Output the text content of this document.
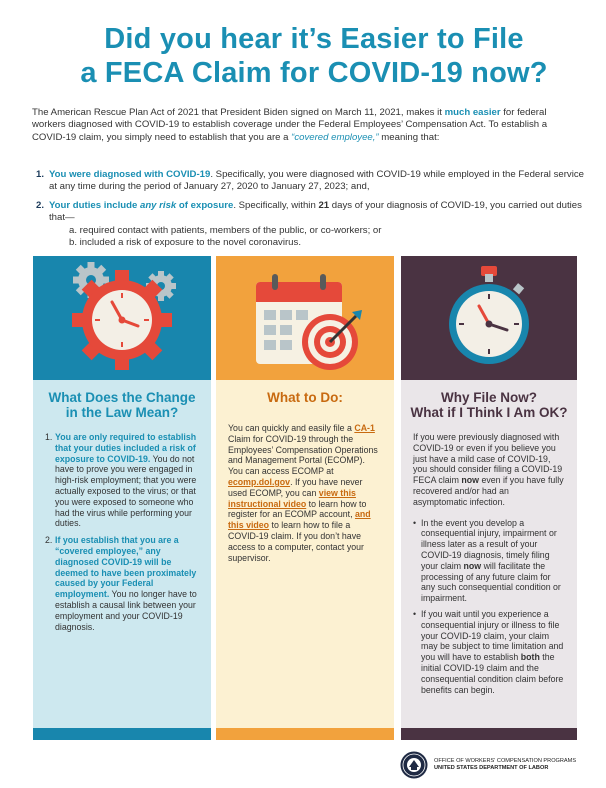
Did you hear it’s Easier to File
a FECA Claim for COVID-19 now?

The American Rescue Plan Act of 2021 that President Biden signed on March 11, 2021, makes it much easier for federal workers diagnosed with COVID-19 to establish coverage under the Federal Employees’ Compensation Act. To establish a COVID-19 claim, you simply need to establish that you are a “covered employee,” meaning that:

1. You were diagnosed with COVID-19. Specifically, you were diagnosed with COVID-19 while employed in the Federal service at any time during the period of January 27, 2020 to January 27, 2023; and,
2. Your duties include any risk of exposure. Specifically, within 21 days of your diagnosis of COVID-19, you carried out duties that—
a. required contact with patients, members of the public, or co-workers; or
b. included a risk of exposure to the novel coronavirus.
What Does the Change
in the Law Mean?
1. You are only required to establish that your duties included a risk of exposure to COVID-19. You do not have to prove you were engaged in high-risk employment; that you were actually exposed to the virus; or that you were exposed to someone who had the virus while performing your duties.
2. If you establish that you are a “covered employee,” any diagnosed COVID-19 will be deemed to have been proximately caused by your Federal employment. You no longer have to establish a causal link between your employment and your COVID-19 diagnosis.
What to Do:
You can quickly and easily file a CA-1 Claim for COVID-19 through the Employees’ Compensation Operations and Management Portal (ECOMP). You can access ECOMP at ecomp.dol.gov. If you have never used ECOMP, you can view this instructional video to learn how to register for an ECOMP account, and this video to learn how to file a COVID-19 claim. If you don’t have access to a computer, contact your supervisor.
Why File Now?
What if I Think I Am OK?
If you were previously diagnosed with COVID-19 or even if you believe you just have a mild case of COVID-19, you should consider filing a COVID-19 FECA claim now even if you have fully recovered and/or had an asymptomatic infection.
• In the event you develop a consequential injury, impairment or illness later as a result of your COVID-19 diagnosis, timely filing your claim now will facilitate the processing of any future claim for any such consequential condition or impairment.
• If you wait until you experience a consequential injury or illness to file your COVID-19 claim, your claim may be subject to time limitation and you will have to establish both the initial COVID-19 claim and the consequential condition claim before benefits can begin.
OFFICE OF WORKERS' COMPENSATION PROGRAMS
UNITED STATES DEPARTMENT OF LABOR
